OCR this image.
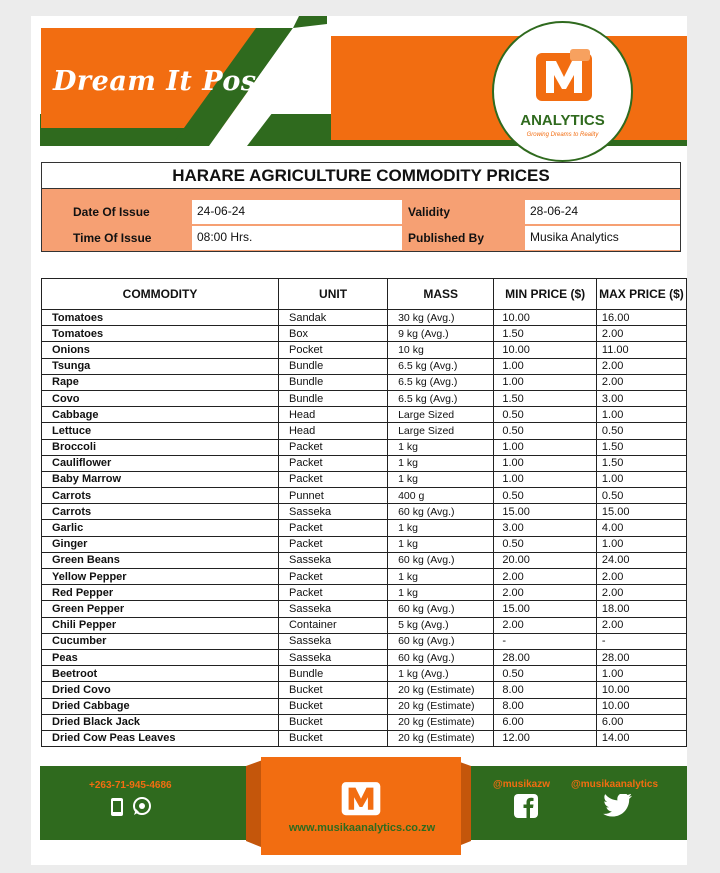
Dream It Possible
ANALYTICS
Growing Dreams to Reality
HARARE AGRICULTURE COMMODITY PRICES
Date Of Issue	24-06-24	Validity	28-06-24
Time Of Issue	08:00 Hrs.	Published By	Musika Analytics
COMMODITY	UNIT	MASS	MIN PRICE ($)	MAX PRICE ($)
Tomatoes	Sandak	30 kg (Avg.)	10.00	16.00
Tomatoes	Box	9 kg (Avg.)	1.50	2.00
Onions	Pocket	10 kg	10.00	11.00
Tsunga	Bundle	6.5 kg (Avg.)	1.00	2.00
Rape	Bundle	6.5 kg (Avg.)	1.00	2.00
Covo	Bundle	6.5 kg (Avg.)	1.50	3.00
Cabbage	Head	Large Sized	0.50	1.00
Lettuce	Head	Large Sized	0.50	0.50
Broccoli	Packet	1 kg	1.00	1.50
Cauliflower	Packet	1 kg	1.00	1.50
Baby Marrow	Packet	1 kg	1.00	1.00
Carrots	Punnet	400 g	0.50	0.50
Carrots	Sasseka	60 kg (Avg.)	15.00	15.00
Garlic	Packet	1 kg	3.00	4.00
Ginger	Packet	1 kg	0.50	1.00
Green Beans	Sasseka	60 kg (Avg.)	20.00	24.00
Yellow Pepper	Packet	1 kg	2.00	2.00
Red Pepper	Packet	1 kg	2.00	2.00
Green Pepper	Sasseka	60 kg (Avg.)	15.00	18.00
Chili Pepper	Container	5 kg (Avg.)	2.00	2.00
Cucumber	Sasseka	60 kg (Avg.)	-	-
Peas	Sasseka	60 kg (Avg.)	28.00	28.00
Beetroot	Bundle	1 kg (Avg.)	0.50	1.00
Dried Covo	Bucket	20 kg (Estimate)	8.00	10.00
Dried Cabbage	Bucket	20 kg (Estimate)	8.00	10.00
Dried Black Jack	Bucket	20 kg (Estimate)	6.00	6.00
Dried Cow Peas Leaves	Bucket	20 kg (Estimate)	12.00	14.00
+263-71-945-4686
www.musikaanalytics.co.zw
@musikazw @musikaanalytics
